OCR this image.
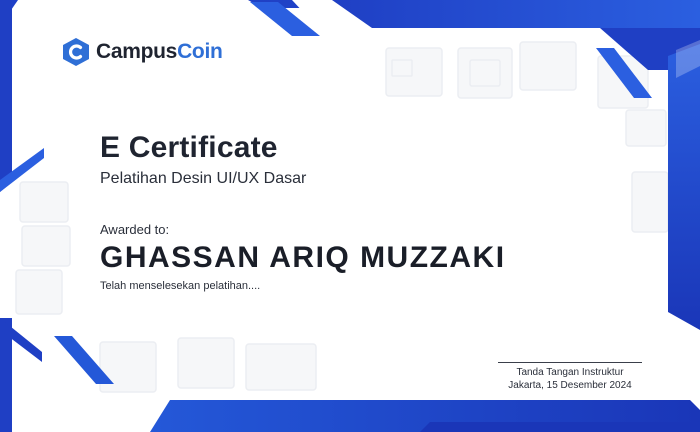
CampusCoin
E Certificate
Pelatihan Desin UI/UX Dasar
Awarded to:
GHASSAN ARIQ MUZZAKI
Telah menselesekan pelatihan....
Tanda Tangan Instruktur
Jakarta, 15 Desember 2024
